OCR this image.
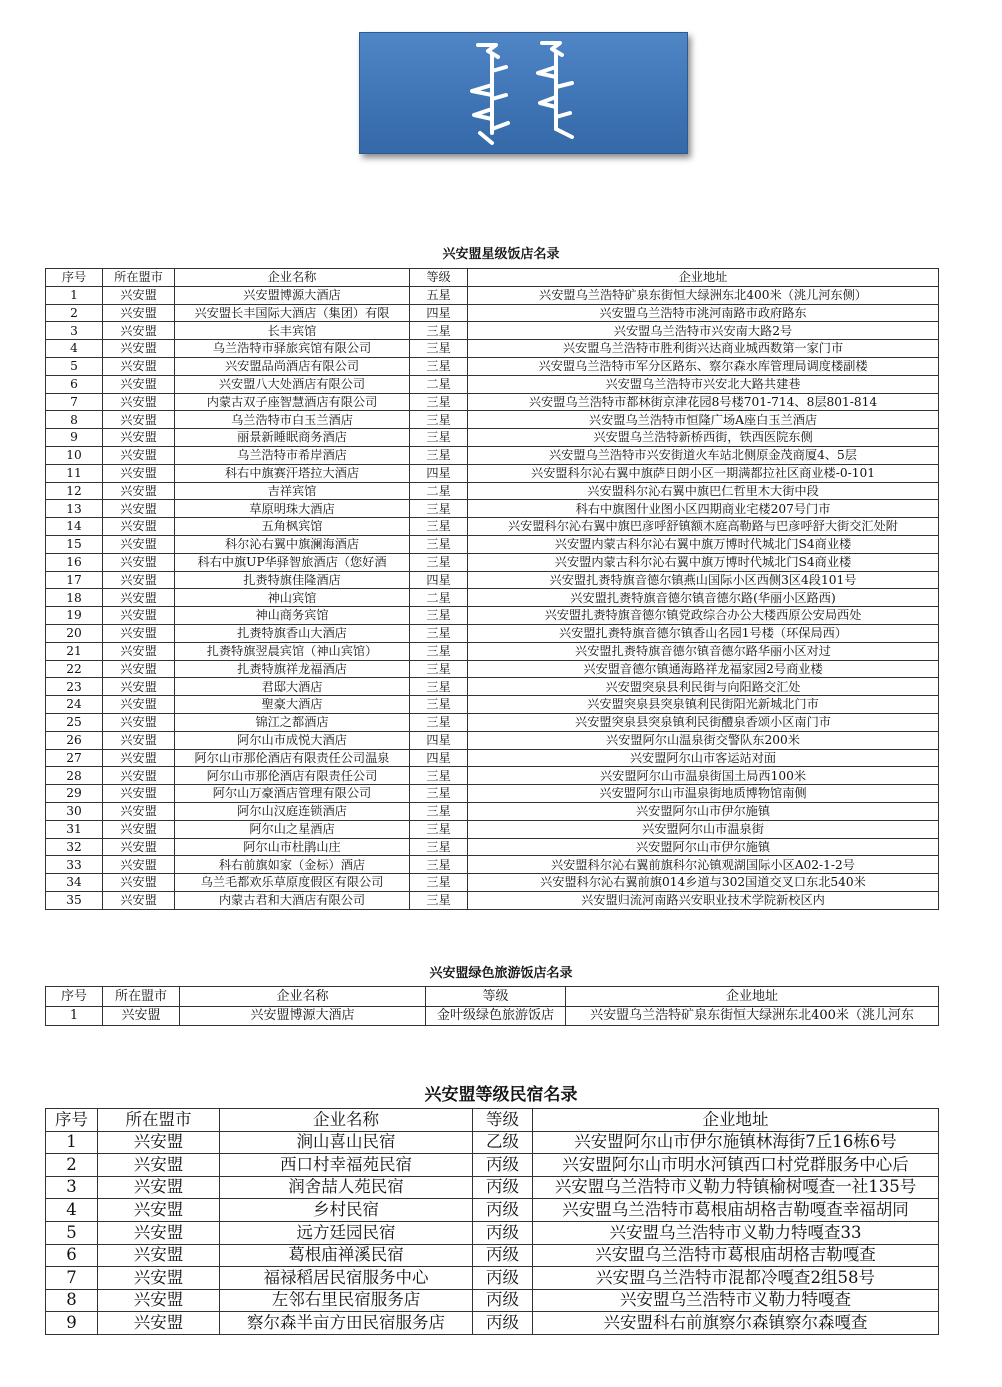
兴安盟星级饭店名录
序号	所在盟市	企业名称	等级	企业地址
1	兴安盟	兴安盟博源大酒店	五星	兴安盟乌兰浩特矿泉东街恒大绿洲东北400米（洮儿河东侧）
2	兴安盟	兴安盟长丰国际大酒店（集团）有限	四星	兴安盟乌兰浩特市洮河南路市政府路东
3	兴安盟	长丰宾馆	三星	兴安盟乌兰浩特市兴安南大路2号
4	兴安盟	乌兰浩特市驿旅宾馆有限公司	三星	兴安盟乌兰浩特市胜利街兴达商业城西数第一家门市
5	兴安盟	兴安盟品尚酒店有限公司	三星	兴安盟乌兰浩特市军分区路东、察尔森水库管理局调度楼副楼
6	兴安盟	兴安盟八大处酒店有限公司	二星	兴安盟乌兰浩特市兴安北大路共建巷
7	兴安盟	内蒙古双子座智慧酒店有限公司	三星	兴安盟乌兰浩特市都林街京津花园8号楼701-714、8层801-814
8	兴安盟	乌兰浩特市白玉兰酒店	三星	兴安盟乌兰浩特市恒隆广场A座白玉兰酒店
9	兴安盟	丽景新睡眠商务酒店	三星	兴安盟乌兰浩特新桥西街，铁西医院东侧
10	兴安盟	乌兰浩特市希岸酒店	三星	兴安盟乌兰浩特市兴安街道火车站北侧原金茂商厦4、5层
11	兴安盟	科右中旗赛汗塔拉大酒店	四星	兴安盟科尔沁右翼中旗萨日朗小区一期满都拉社区商业楼-0-101
12	兴安盟	吉祥宾馆	二星	兴安盟科尔沁右翼中旗巴仁哲里木大街中段
13	兴安盟	草原明珠大酒店	三星	科右中旗图什业图小区四期商业宅楼207号门市
14	兴安盟	五角枫宾馆	三星	兴安盟科尔沁右翼中旗巴彦呼舒镇额木庭高勒路与巴彦呼舒大街交汇处附
15	兴安盟	科尔沁右翼中旗澜海酒店	三星	兴安盟内蒙古科尔沁右翼中旗万博时代城北门S4商业楼
16	兴安盟	科右中旗UP华驿智旅酒店（您好酒	三星	兴安盟内蒙古科尔沁右翼中旗万博时代城北门S4商业楼
17	兴安盟	扎赉特旗佳隆酒店	四星	兴安盟扎赉特旗音德尔镇燕山国际小区西侧3区4段101号
18	兴安盟	神山宾馆	二星	兴安盟扎赉特旗音德尔镇音德尔路(华丽小区路西)
19	兴安盟	神山商务宾馆	三星	兴安盟扎赉特旗音德尔镇党政综合办公大楼西原公安局西处
20	兴安盟	扎赉特旗香山大酒店	三星	兴安盟扎赉特旗音德尔镇香山名园1号楼（环保局西）
21	兴安盟	扎赉特旗翌晨宾馆（神山宾馆）	三星	兴安盟扎赉特旗音德尔镇音德尔路华丽小区对过
22	兴安盟	扎赉特旗祥龙福酒店	三星	兴安盟音德尔镇通海路祥龙福家园2号商业楼
23	兴安盟	君邸大酒店	三星	兴安盟突泉县利民街与向阳路交汇处
24	兴安盟	聖豪大酒店	三星	兴安盟突泉县突泉镇利民街阳光新城北门市
25	兴安盟	锦江之都酒店	三星	兴安盟突泉县突泉镇利民街醴泉香颂小区南门市
26	兴安盟	阿尔山市成悦大酒店	四星	兴安盟阿尔山温泉街交警队东200米
27	兴安盟	阿尔山市那伦酒店有限责任公司温泉	四星	兴安盟阿尔山市客运站对面
28	兴安盟	阿尔山市那伦酒店有限责任公司	三星	兴安盟阿尔山市温泉街国土局西100米
29	兴安盟	阿尔山万豪酒店管理有限公司	三星	兴安盟阿尔山市温泉街地质博物馆南侧
30	兴安盟	阿尔山汉庭连锁酒店	三星	兴安盟阿尔山市伊尔施镇
31	兴安盟	阿尔山之星酒店	三星	兴安盟阿尔山市温泉街
32	兴安盟	阿尔山市杜鹃山庄	三星	兴安盟阿尔山市伊尔施镇
33	兴安盟	科右前旗如家（金标）酒店	三星	兴安盟科尔沁右翼前旗科尔沁镇观湖国际小区A02-1-2号
34	兴安盟	乌兰毛都欢乐草原度假区有限公司	三星	兴安盟科尔沁右翼前旗014乡道与302国道交叉口东北540米
35	兴安盟	内蒙古君和大酒店有限公司	三星	兴安盟归流河南路兴安职业技术学院新校区内
兴安盟绿色旅游饭店名录
序号	所在盟市	企业名称	等级	企业地址
1	兴安盟	兴安盟博源大酒店	金叶级绿色旅游饭店	兴安盟乌兰浩特矿泉东街恒大绿洲东北400米（洮儿河东
兴安盟等级民宿名录
序号	所在盟市	企业名称	等级	企业地址
1	兴安盟	涧山喜山民宿	乙级	兴安盟阿尔山市伊尔施镇林海街7丘16栋6号
2	兴安盟	西口村幸福苑民宿	丙级	兴安盟阿尔山市明水河镇西口村党群服务中心后
3	兴安盟	润舍喆人苑民宿	丙级	兴安盟乌兰浩特市义勒力特镇榆树嘎查一社135号
4	兴安盟	乡村民宿	丙级	兴安盟乌兰浩特市葛根庙胡格吉勒嘎查幸福胡同
5	兴安盟	远方廷园民宿	丙级	兴安盟乌兰浩特市义勒力特嘎查33
6	兴安盟	葛根庙禅溪民宿	丙级	兴安盟乌兰浩特市葛根庙胡格吉勒嘎查
7	兴安盟	福禄稻居民宿服务中心	丙级	兴安盟乌兰浩特市混都冷嘎查2组58号
8	兴安盟	左邻右里民宿服务店	丙级	兴安盟乌兰浩特市义勒力特嘎查
9	兴安盟	察尔森半亩方田民宿服务店	丙级	兴安盟科右前旗察尔森镇察尔森嘎查
